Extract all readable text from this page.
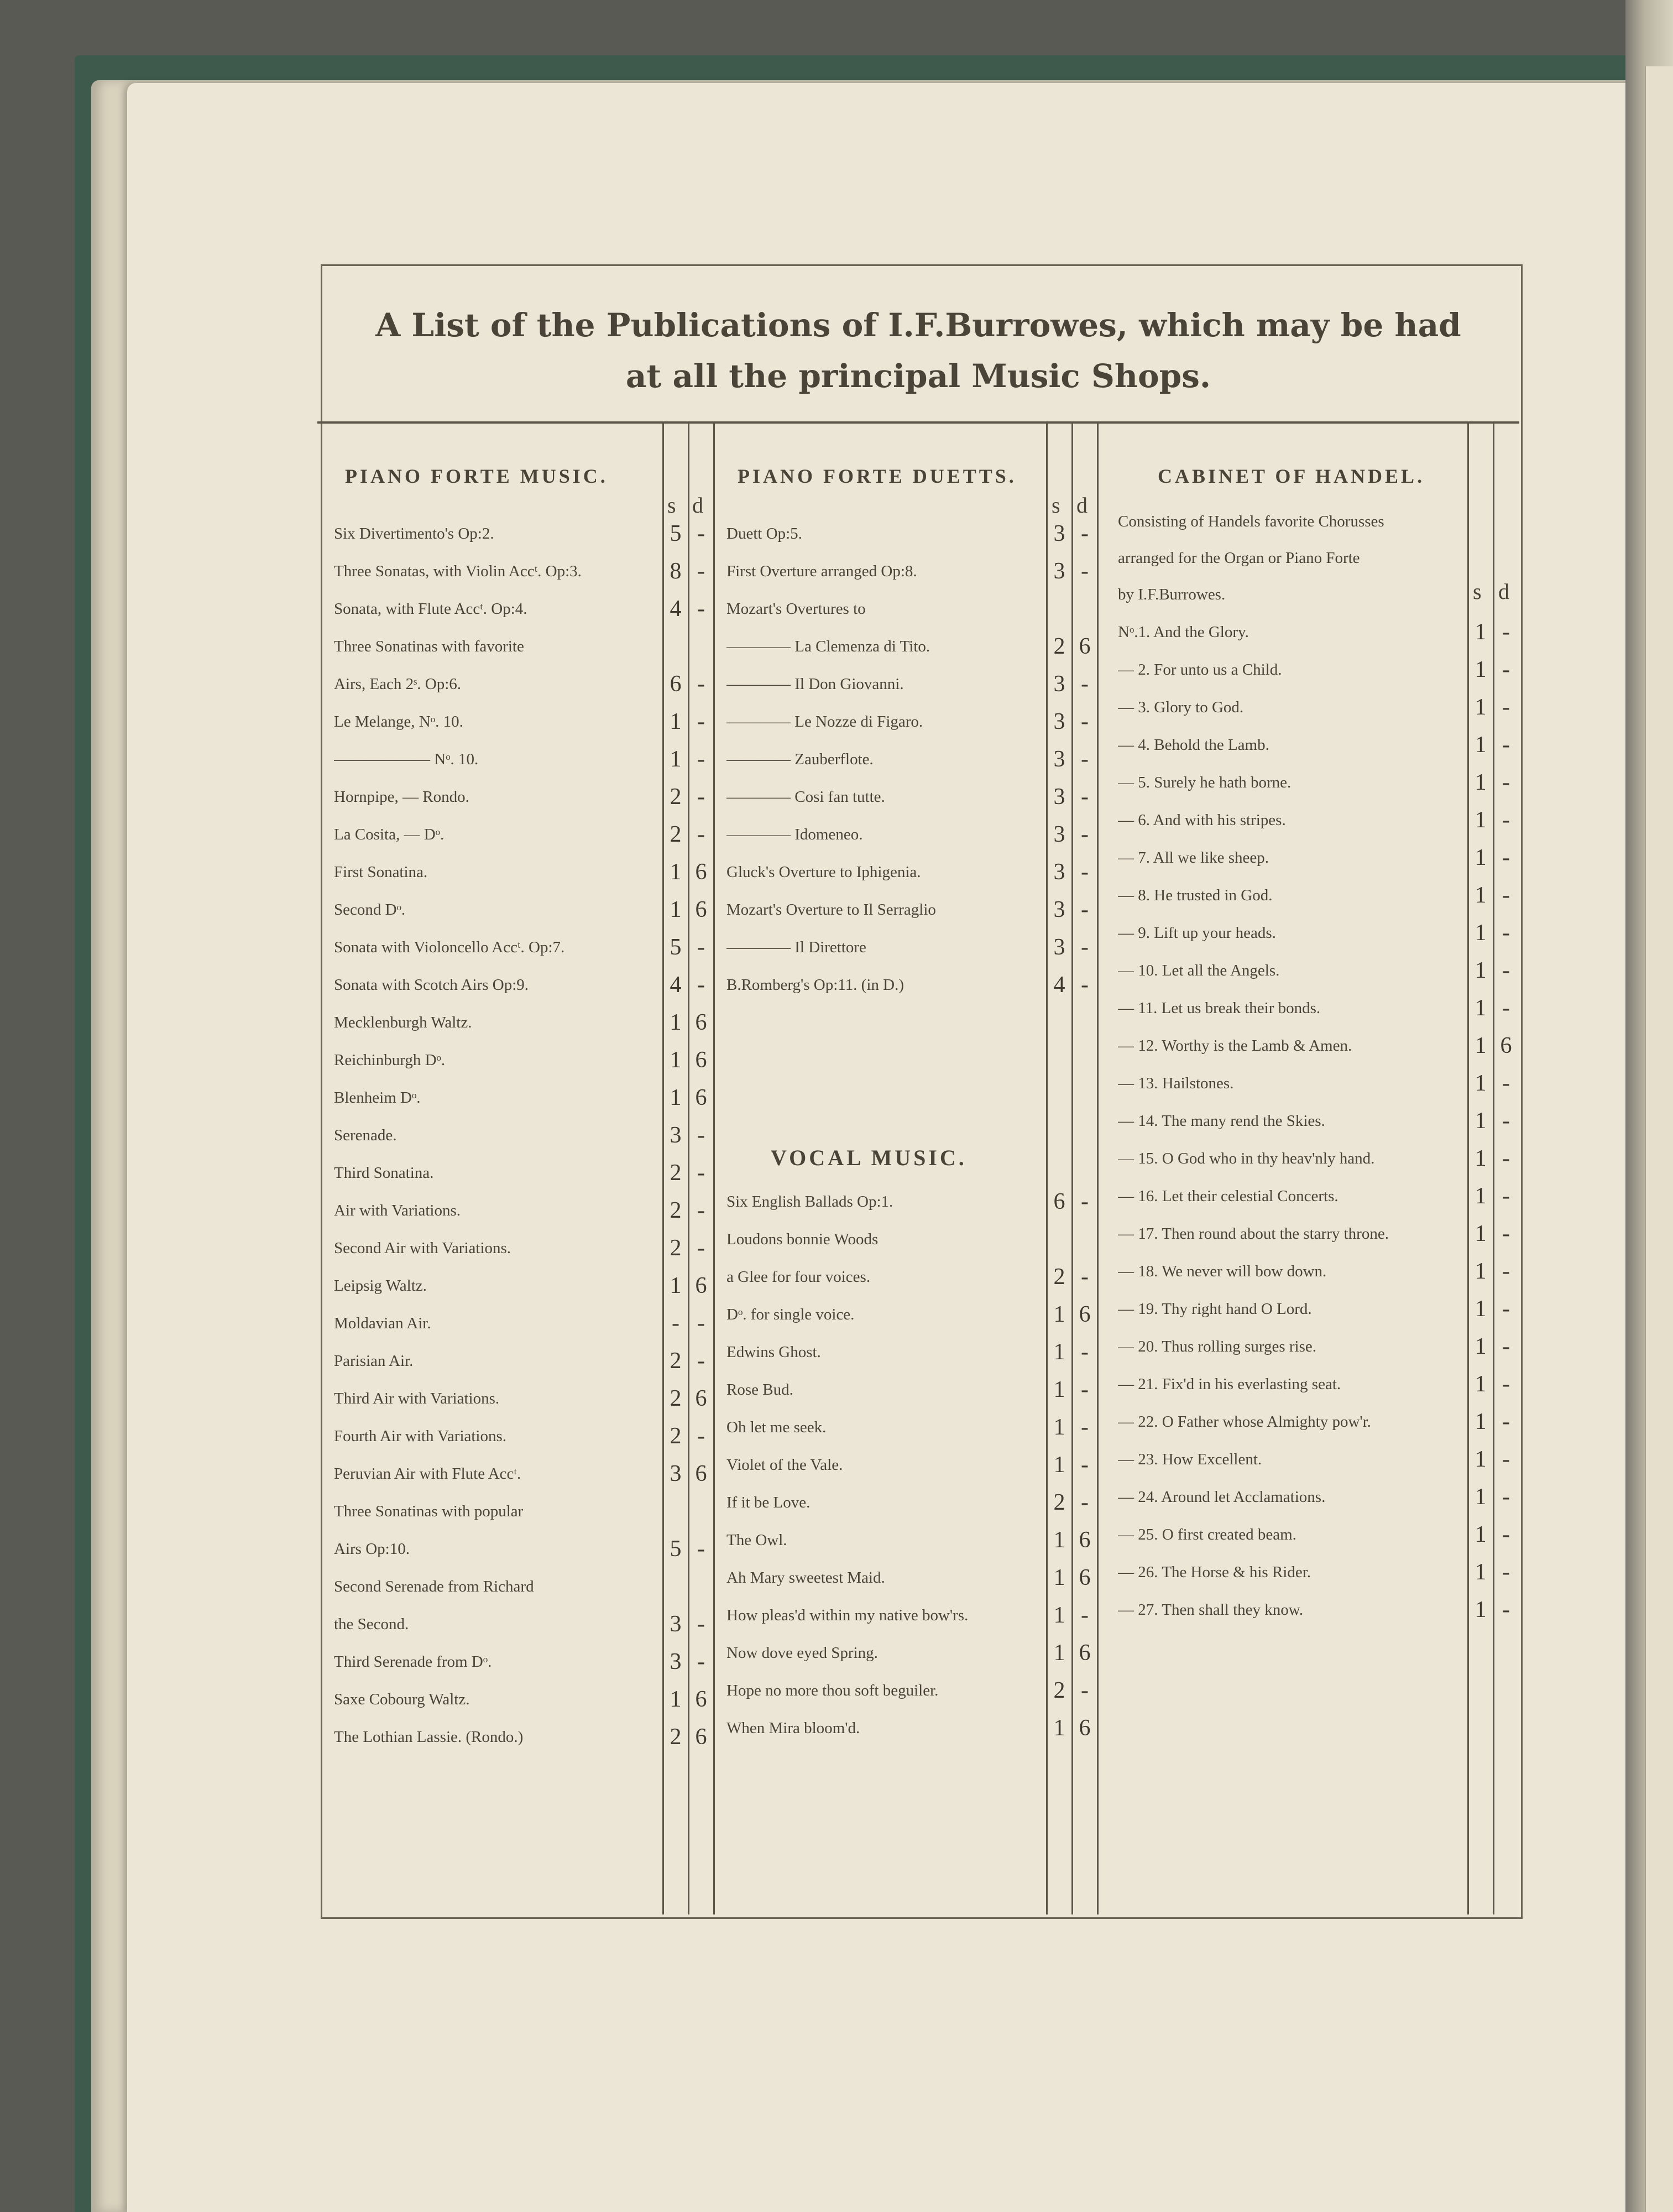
A List of the Publications of I.F.Burrowes, which may be had
at all the principal Music Shops.
PIANO FORTE MUSIC.
s d
PIANO FORTE DUETTS.
s d
VOCAL MUSIC.
CABINET OF HANDEL.
Consisting of Handels favorite Chorusses
arranged for the Organ or Piano Forte
by I.F.Burrowes.	s d
Six Divertimento's Op:2.	5 -
Three Sonatas, with Violin Accᵗ. Op:3.	8 -
Sonata, with Flute Accᵗ. Op:4.	4 -
Three Sonatinas with favorite
Airs, Each 2ˢ. Op:6.	6 -
Le Melange, Nᵒ. 10.	1 -
—————— Nᵒ. 10.	1 -
Hornpipe, — Rondo.	2 -
La Cosita, — Dᵒ.	2 -
First Sonatina.	1 6
Second Dᵒ.	1 6
Sonata with Violoncello Accᵗ. Op:7.	5 -
Sonata with Scotch Airs Op:9.	4 -
Mecklenburgh Waltz.	1 6
Reichinburgh Dᵒ.	1 6
Blenheim Dᵒ.	1 6
Serenade.	3 -
Third Sonatina.	2 -
Air with Variations.	2 -
Second Air with Variations.	2 -
Leipsig Waltz.	1 6
Moldavian Air.	- -
Parisian Air.	2 -
Third Air with Variations.	2 6
Fourth Air with Variations.	2 -
Peruvian Air with Flute Accᵗ.	3 6
Three Sonatinas with popular
Airs Op:10.	5 -
Second Serenade from Richard
the Second.	3 -
Third Serenade from Dᵒ.	3 -
Saxe Cobourg Waltz.	1 6
The Lothian Lassie. (Rondo.)	2 6
Duett Op:5.	3 -
First Overture arranged Op:8.	3 -
Mozart's Overtures to
———— La Clemenza di Tito.	2 6
———— Il Don Giovanni.	3 -
———— Le Nozze di Figaro.	3 -
———— Zauberflote.	3 -
———— Cosi fan tutte.	3 -
———— Idomeneo.	3 -
Gluck's Overture to Iphigenia.	3 -
Mozart's Overture to Il Serraglio	3 -
———— Il Direttore	3 -
B.Romberg's Op:11. (in D.)	4 -
Six English Ballads Op:1.	6 -
Loudons bonnie Woods
a Glee for four voices.	2 -
Dᵒ. for single voice.	1 6
Edwins Ghost.	1 -
Rose Bud.	1 -
Oh let me seek.	1 -
Violet of the Vale.	1 -
If it be Love.	2 -
The Owl.	1 6
Ah Mary sweetest Maid.	1 6
How pleas'd within my native bow'rs.	1 -
Now dove eyed Spring.	1 6
Hope no more thou soft beguiler.	2 -
When Mira bloom'd.	1 6
Nᵒ.1. And the Glory.	1 -
— 2. For unto us a Child.	1 -
— 3. Glory to God.	1 -
— 4. Behold the Lamb.	1 -
— 5. Surely he hath borne.	1 -
— 6. And with his stripes.	1 -
— 7. All we like sheep.	1 -
— 8. He trusted in God.	1 -
— 9. Lift up your heads.	1 -
— 10. Let all the Angels.	1 -
— 11. Let us break their bonds.	1 -
— 12. Worthy is the Lamb & Amen.	1 6
— 13. Hailstones.	1 -
— 14. The many rend the Skies.	1 -
— 15. O God who in thy heav'nly hand.	1 -
— 16. Let their celestial Concerts.	1 -
— 17. Then round about the starry throne.	1 -
— 18. We never will bow down.	1 -
— 19. Thy right hand O Lord.	1 -
— 20. Thus rolling surges rise.	1 -
— 21. Fix'd in his everlasting seat.	1 -
— 22. O Father whose Almighty pow'r.	1 -
— 23. How Excellent.	1 -
— 24. Around let Acclamations.	1 -
— 25. O first created beam.	1 -
— 26. The Horse & his Rider.	1 -
— 27. Then shall they know.	1 -
